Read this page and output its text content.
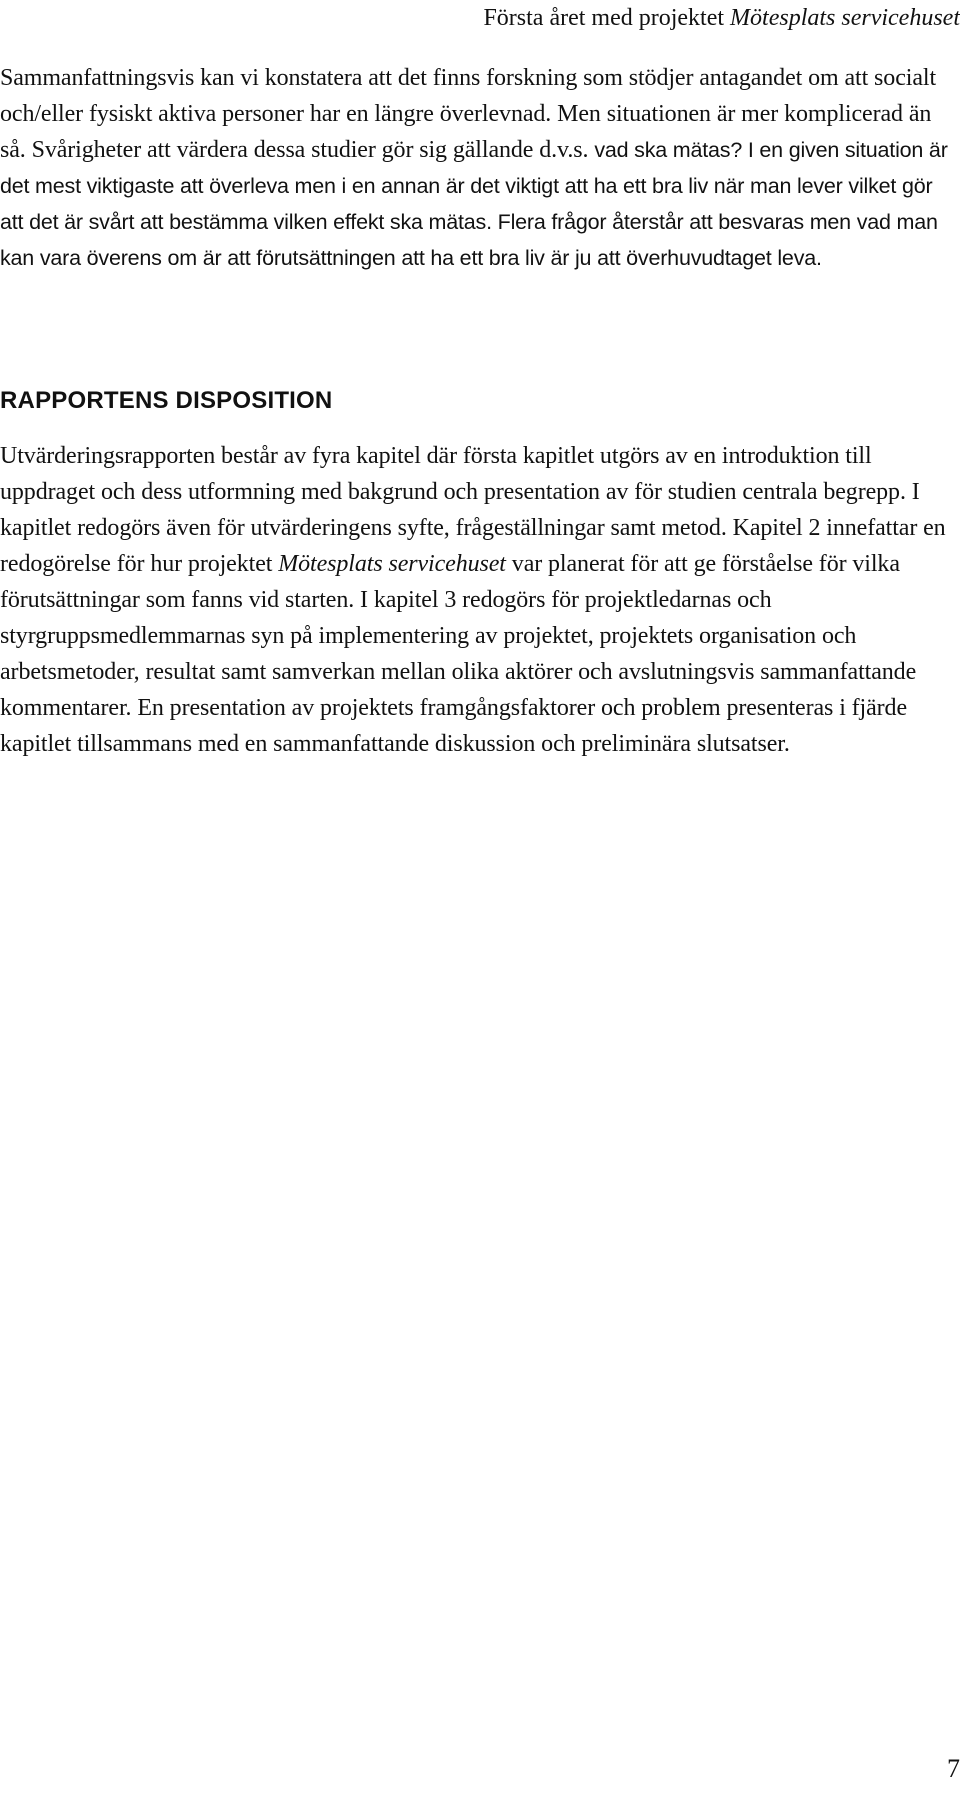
Första året med projektet Mötesplats servicehuset

Sammanfattningsvis kan vi konstatera att det finns forskning som stödjer antagandet om att socialt och/eller fysiskt aktiva personer har en längre överlevnad. Men situationen är mer komplicerad än så. Svårigheter att värdera dessa studier gör sig gällande d.v.s. vad ska mätas? I en given situation är det mest viktigaste att överleva men i en annan är det viktigt att ha ett bra liv när man lever vilket gör att det är svårt att bestämma vilken effekt ska mätas. Flera frågor återstår att besvaras men vad man kan vara överens om är att förutsättningen att ha ett bra liv är ju att överhuvudtaget leva.

RAPPORTENS DISPOSITION

Utvärderingsrapporten består av fyra kapitel där första kapitlet utgörs av en introduktion till uppdraget och dess utformning med bakgrund och presentation av för studien centrala begrepp. I kapitlet redogörs även för utvärderingens syfte, frågeställningar samt metod. Kapitel 2 innefattar en redogörelse för hur projektet Mötesplats servicehuset var planerat för att ge förståelse för vilka förutsättningar som fanns vid starten. I kapitel 3 redogörs för projektledarnas och styrgruppsmedlemmarnas syn på implementering av projektet, projektets organisation och arbetsmetoder, resultat samt samverkan mellan olika aktörer och avslutningsvis sammanfattande kommentarer. En presentation av projektets framgångsfaktorer och problem presenteras i fjärde kapitlet tillsammans med en sammanfattande diskussion och preliminära slutsatser.

7
